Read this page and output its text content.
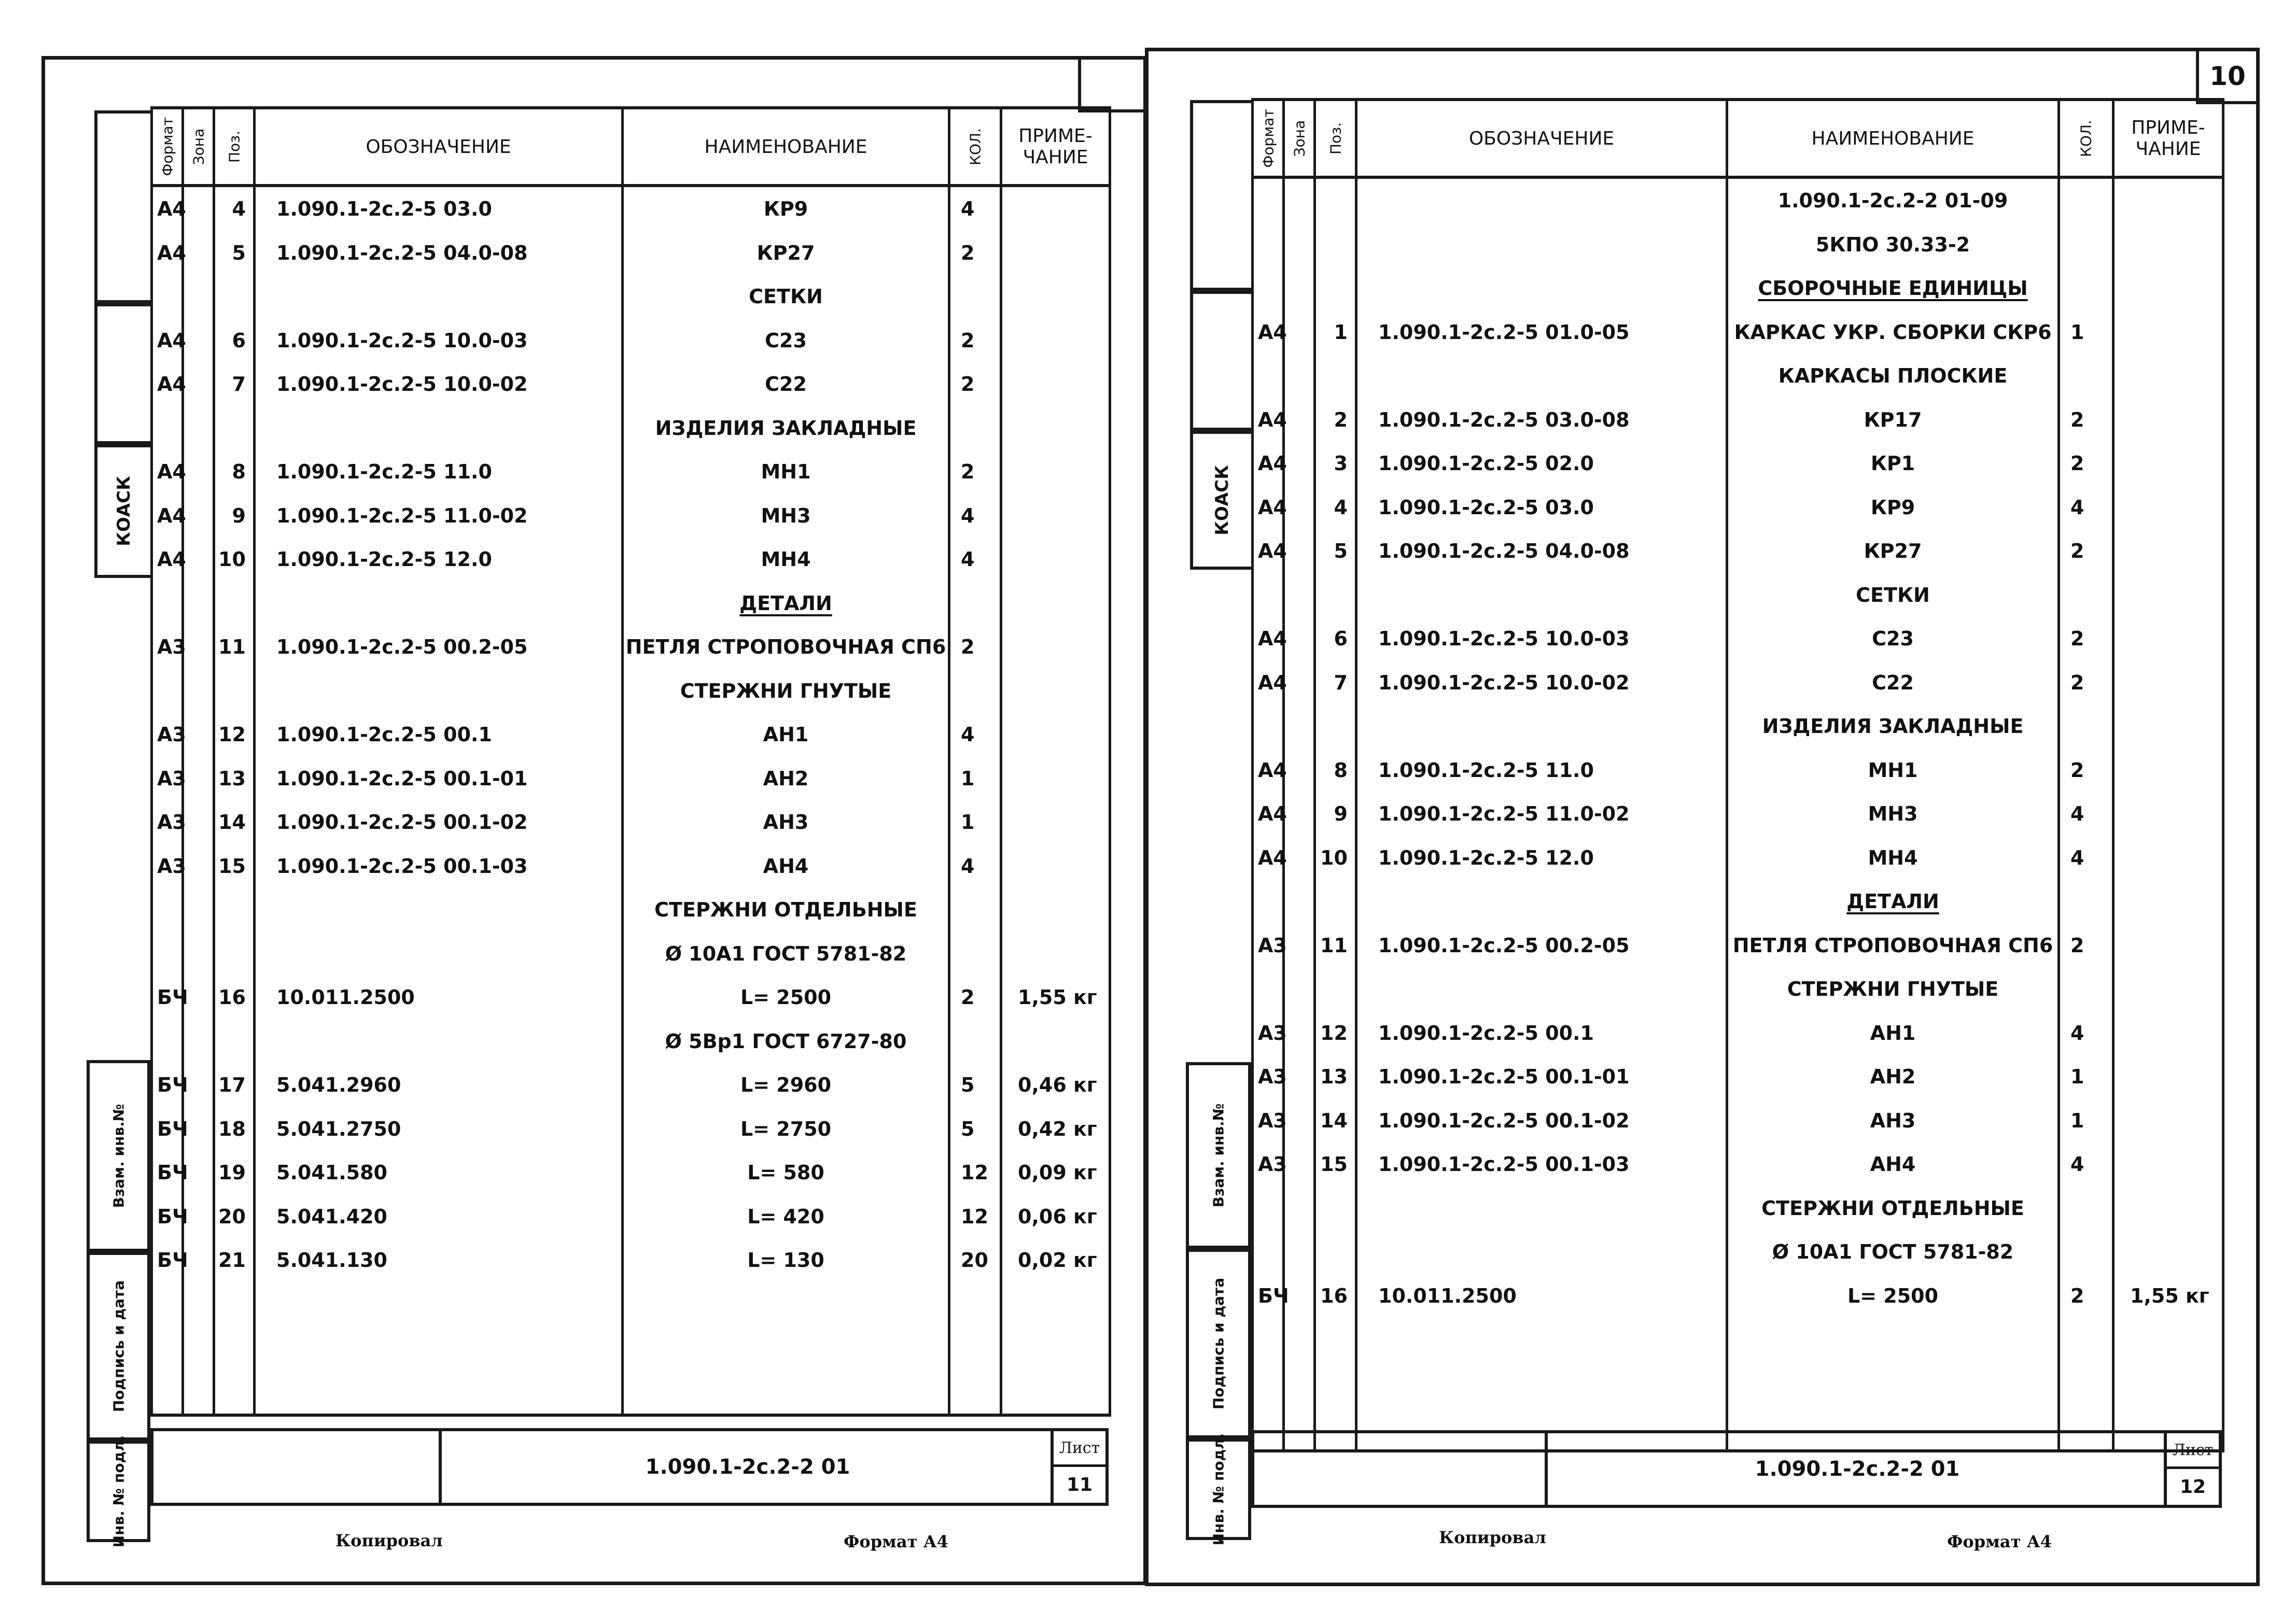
КОАСК
Взам. инв.№
Подпись и дата
Инв. № подл.
Формат	Зона	Поз.	ОБОЗНАЧЕНИЕ	НАИМЕНОВАНИЕ	КОЛ.	ПРИМЕ-
ЧАНИЕ
А4		4	1.090.1-2с.2-5 03.0	КР9	4	
А4		5	1.090.1-2с.2-5 04.0-08	КР27	2	
				СЕТКИ		
А4		6	1.090.1-2с.2-5 10.0-03	С23	2	
А4		7	1.090.1-2с.2-5 10.0-02	С22	2	
				ИЗДЕЛИЯ ЗАКЛАДНЫЕ		
А4		8	1.090.1-2с.2-5 11.0	МН1	2	
А4		9	1.090.1-2с.2-5 11.0-02	МН3	4	
А4		10	1.090.1-2с.2-5 12.0	МН4	4	
				ДЕТАЛИ		
А3		11	1.090.1-2с.2-5 00.2-05	ПЕТЛЯ СТРОПОВОЧНАЯ СП6	2	
				СТЕРЖНИ ГНУТЫЕ		
А3		12	1.090.1-2с.2-5 00.1	АН1	4	
А3		13	1.090.1-2с.2-5 00.1-01	АН2	1	
А3		14	1.090.1-2с.2-5 00.1-02	АН3	1	
А3		15	1.090.1-2с.2-5 00.1-03	АН4	4	
				СТЕРЖНИ ОТДЕЛЬНЫЕ		
				Ø 10А1 ГОСТ 5781-82		
БЧ		16	10.011.2500	L= 2500	2	1,55 кг
				Ø 5Вр1 ГОСТ 6727-80		
БЧ		17	5.041.2960	L= 2960	5	0,46 кг
БЧ		18	5.041.2750	L= 2750	5	0,42 кг
БЧ		19	5.041.580	L= 580	12	0,09 кг
БЧ		20	5.041.420	L= 420	12	0,06 кг
БЧ		21	5.041.130	L= 130	20	0,02 кг

1.090.1-2с.2-2 01
Лист
11
Копировал	Формат А4
10
КОАСК
Взам. инв.№
Подпись и дата
Инв. № подл.
Формат	Зона	Поз.	ОБОЗНАЧЕНИЕ	НАИМЕНОВАНИЕ	КОЛ.	ПРИМЕ-
ЧАНИЕ
				1.090.1-2с.2-2 01-09		
				5КПО 30.33-2		
				СБОРОЧНЫЕ ЕДИНИЦЫ		
А4		1	1.090.1-2с.2-5 01.0-05	КАРКАС УКР. СБОРКИ СКР6	1	
				КАРКАСЫ ПЛОСКИЕ		
А4		2	1.090.1-2с.2-5 03.0-08	КР17	2	
А4		3	1.090.1-2с.2-5 02.0	КР1	2	
А4		4	1.090.1-2с.2-5 03.0	КР9	4	
А4		5	1.090.1-2с.2-5 04.0-08	КР27	2	
				СЕТКИ		
А4		6	1.090.1-2с.2-5 10.0-03	С23	2	
А4		7	1.090.1-2с.2-5 10.0-02	С22	2	
				ИЗДЕЛИЯ ЗАКЛАДНЫЕ		
А4		8	1.090.1-2с.2-5 11.0	МН1	2	
А4		9	1.090.1-2с.2-5 11.0-02	МН3	4	
А4		10	1.090.1-2с.2-5 12.0	МН4	4	
				ДЕТАЛИ		
А3		11	1.090.1-2с.2-5 00.2-05	ПЕТЛЯ СТРОПОВОЧНАЯ СП6	2	
				СТЕРЖНИ ГНУТЫЕ		
А3		12	1.090.1-2с.2-5 00.1	АН1	4	
А3		13	1.090.1-2с.2-5 00.1-01	АН2	1	
А3		14	1.090.1-2с.2-5 00.1-02	АН3	1	
А3		15	1.090.1-2с.2-5 00.1-03	АН4	4	
				СТЕРЖНИ ОТДЕЛЬНЫЕ		
				Ø 10А1 ГОСТ 5781-82		
БЧ		16	10.011.2500	L= 2500	2	1,55 кг

1.090.1-2с.2-2 01
Лист
12
Копировал	Формат А4
